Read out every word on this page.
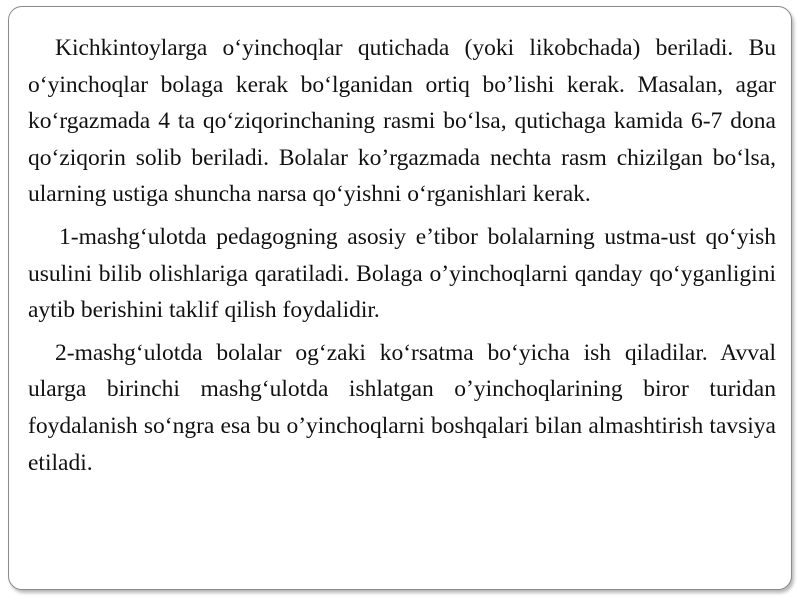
Kichkintoylarga o‘yinchoqlar qutichada (yoki likobchada) beriladi. Bu o‘yinchoqlar bolaga kerak bo‘lganidan ortiq bo’lishi kerak. Masalan, agar ko‘rgazmada 4 ta qo‘ziqorinchaning rasmi bo‘lsa, qutichaga kamida 6-7 dona qo‘ziqorin solib beriladi. Bolalar ko’rgazmada nechta rasm chizilgan bo‘lsa, ularning ustiga shuncha narsa qo‘yishni o‘rganishlari kerak.

1-mashg‘ulotda pedagogning asosiy e’tibor bolalarning ustma-ust qo‘yish usulini bilib olishlariga qaratiladi. Bolaga o’yinchoqlarni qanday qo‘yganligini aytib berishini taklif qilish foydalidir.

2-mashg‘ulotda bolalar og‘zaki ko‘rsatma bo‘yicha ish qiladilar. Avval ularga birinchi mashg‘ulotda ishlatgan o’yinchoqlarining biror turidan foydalanish so‘ngra esa bu o’yinchoqlarni boshqalari bilan almashtirish tavsiya etiladi.
